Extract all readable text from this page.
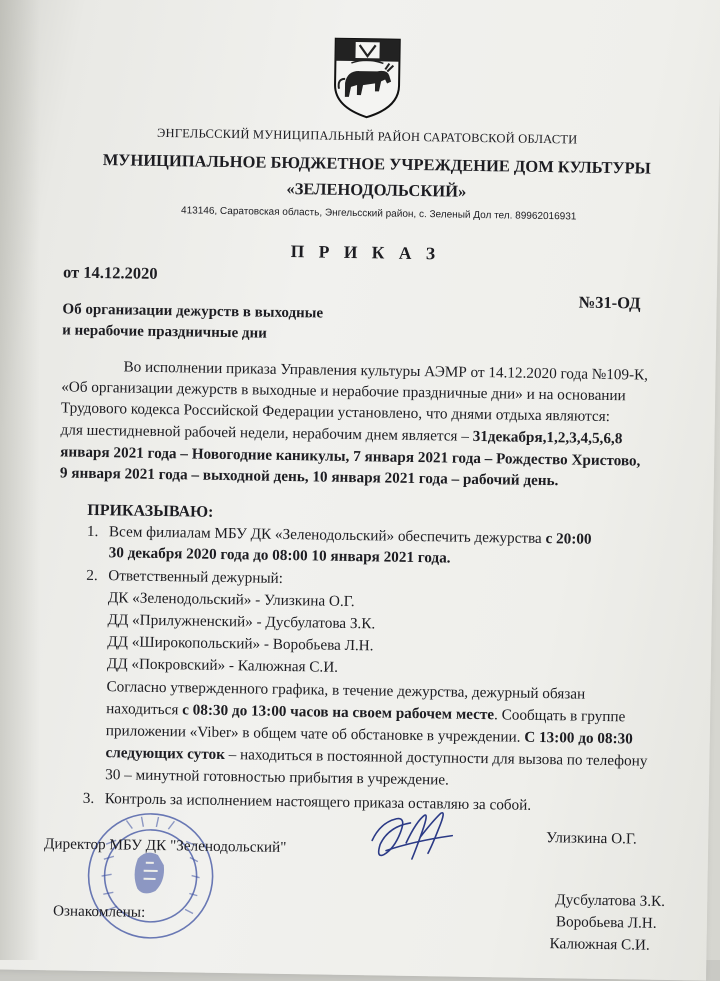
ЭНГЕЛЬССКИЙ МУНИЦИПАЛЬНЫЙ РАЙОН САРАТОВСКОЙ ОБЛАСТИ
МУНИЦИПАЛЬНОЕ БЮДЖЕТНОЕ УЧРЕЖДЕНИЕ ДОМ КУЛЬТУРЫ
«ЗЕЛЕНОДОЛЬСКИЙ»
413146, Саратовская область, Энгельсский район, с. Зеленый Дол тел. 89962016931
П Р И К А З
от 14.12.2020
№31-ОД
Об организации дежурств в выходные
и нерабочие праздничные дни
Во исполнении приказа Управления культуры АЭМР от 14.12.2020 года №109-К,
«Об организации дежурств в выходные и нерабочие праздничные дни» и на основании
Трудового кодекса Российской Федерации установлено, что днями отдыха являются:
для шестидневной рабочей недели, нерабочим днем является – 31декабря,1,2,3,4,5,6,8
января 2021 года – Новогодние каникулы, 7 января 2021 года – Рождество Христово,
9 января 2021 года – выходной день, 10 января 2021 года – рабочий день.
ПРИКАЗЫВАЮ:
1. Всем филиалам МБУ ДК «Зеленодольский» обеспечить дежурства с 20:00
30 декабря 2020 года до 08:00 10 января 2021 года.
2. Ответственный дежурный:
ДК «Зеленодольский» - Улизкина О.Г.
ДД «Прилужненский» - Дусбулатова З.К.
ДД «Широкопольский» - Воробьева Л.Н.
ДД «Покровский» - Калюжная С.И.
Согласно утвержденного графика, в течение дежурства, дежурный обязан
находиться с 08:30 до 13:00 часов на своем рабочем месте. Сообщать в группе
приложении «Viber» в общем чате об обстановке в учреждении. С 13:00 до 08:30
следующих суток – находиться в постоянной доступности для вызова по телефону
30 – минутной готовностью прибытия в учреждение.
3. Контроль за исполнением настоящего приказа оставляю за собой.
Директор МБУ ДК "Зеленодольский"	Улизкина О.Г.
Ознакомлены:
Дусбулатова З.К.
Воробьева Л.Н.
Калюжная С.И.
